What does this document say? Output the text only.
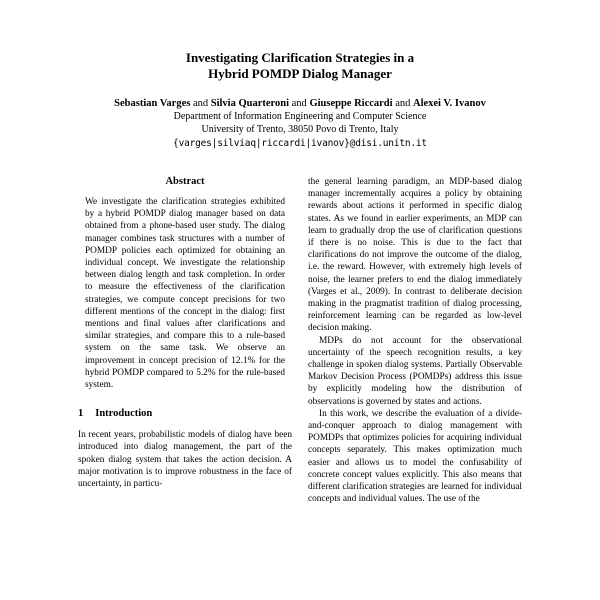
Investigating Clarification Strategies in a
Hybrid POMDP Dialog Manager
Sebastian Varges and Silvia Quarteroni and Giuseppe Riccardi and Alexei V. Ivanov
Department of Information Engineering and Computer Science
University of Trento, 38050 Povo di Trento, Italy
{varges|silviaq|riccardi|ivanov}@disi.unitn.it
Abstract

We investigate the clarification strategies exhibited by a hybrid POMDP dialog manager based on data obtained from a phone-based user study. The dialog manager combines task structures with a number of POMDP policies each optimized for obtaining an individual concept. We investigate the relationship between dialog length and task completion. In order to measure the effectiveness of the clarification strategies, we compute concept precisions for two different mentions of the concept in the dialog: first mentions and final values after clarifications and similar strategies, and compare this to a rule-based system on the same task. We observe an improvement in concept precision of 12.1% for the hybrid POMDP compared to 5.2% for the rule-based system.

1 Introduction

In recent years, probabilistic models of dialog have been introduced into dialog management, the part of the spoken dialog system that takes the action decision. A major motivation is to improve robustness in the face of uncertainty, in particu-

the general learning paradigm, an MDP-based dialog manager incrementally acquires a policy by obtaining rewards about actions it performed in specific dialog states. As we found in earlier experiments, an MDP can learn to gradually drop the use of clarification questions if there is no noise. This is due to the fact that clarifications do not improve the outcome of the dialog, i.e. the reward. However, with extremely high levels of noise, the learner prefers to end the dialog immediately (Varges et al., 2009). In contrast to deliberate decision making in the pragmatist tradition of dialog processing, reinforcement learning can be regarded as low-level decision making.

MDPs do not account for the observational uncertainty of the speech recognition results, a key challenge in spoken dialog systems. Partially Observable Markov Decision Process (POMDPs) address this issue by explicitly modeling how the distribution of observations is governed by states and actions.

In this work, we describe the evaluation of a divide-and-conquer approach to dialog management with POMDPs that optimizes policies for acquiring individual concepts separately. This makes optimization much easier and allows us to model the confusability of concrete concept values explicitly. This also means that different clarification strategies are learned for individual concepts and individual values. The use of the
